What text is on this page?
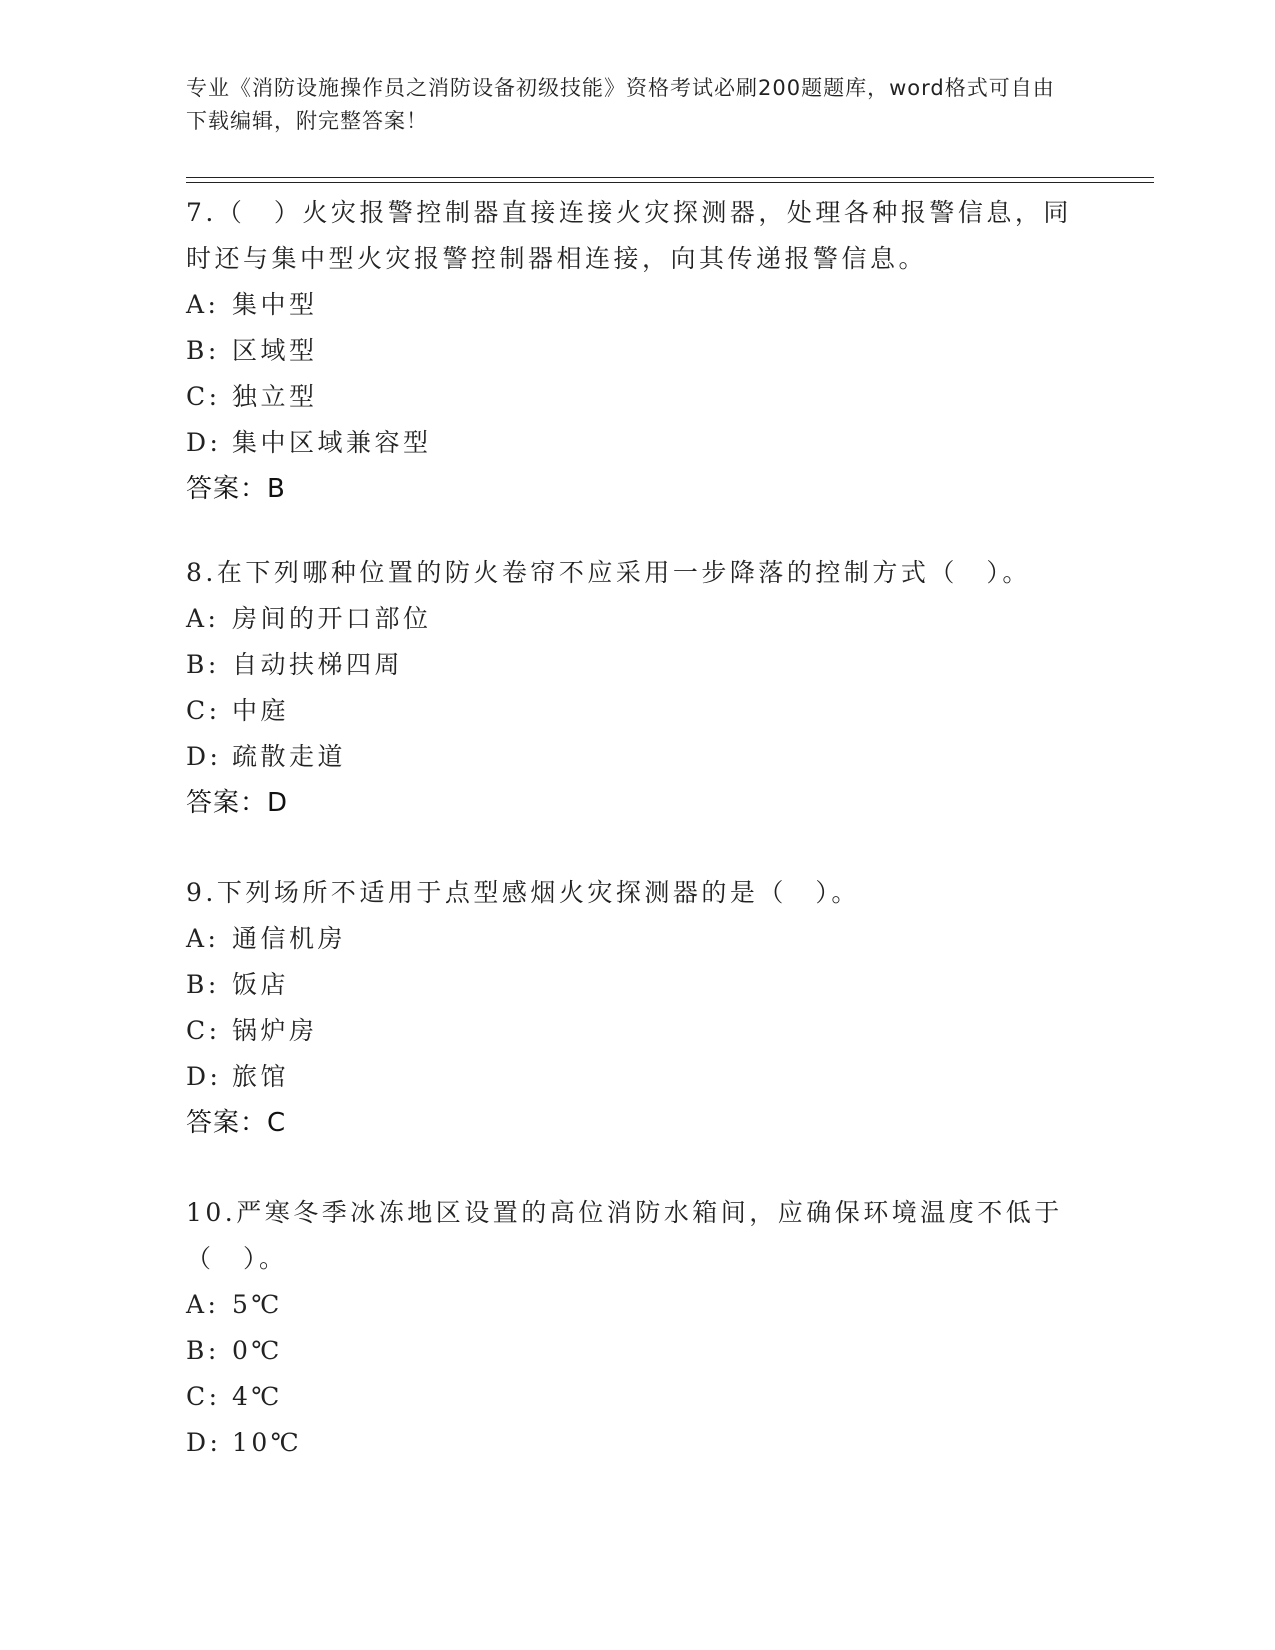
专业《消防设施操作员之消防设备初级技能》资格考试必刷200题题库，word格式可自由下载编辑，附完整答案！

7.（　）火灾报警控制器直接连接火灾探测器，处理各种报警信息，同时还与集中型火灾报警控制器相连接，向其传递报警信息。

A: 集中型
B: 区域型
C: 独立型
D: 集中区域兼容型
答案：B

8.在下列哪种位置的防火卷帘不应采用一步降落的控制方式（　）。

A: 房间的开口部位
B: 自动扶梯四周
C: 中庭
D: 疏散走道
答案：D

9.下列场所不适用于点型感烟火灾探测器的是（　）。

A: 通信机房
B: 饭店
C: 锅炉房
D: 旅馆
答案：C

10.严寒冬季冰冻地区设置的高位消防水箱间，应确保环境温度不低于（　）。

A: 5℃
B: 0℃
C: 4℃
D: 10℃
